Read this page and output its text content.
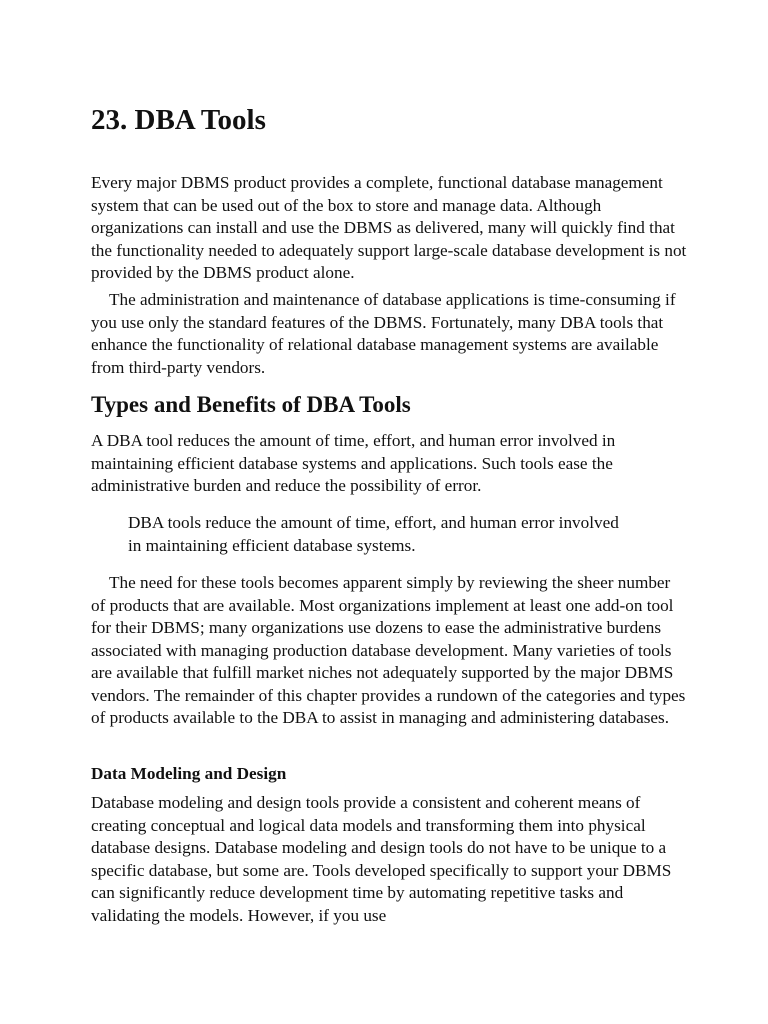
23. DBA Tools

Every major DBMS product provides a complete, functional database management system that can be used out of the box to store and manage data. Although organizations can install and use the DBMS as delivered, many will quickly find that the functionality needed to adequately support large-scale database development is not provided by the DBMS product alone.

The administration and maintenance of database applications is time-consuming if you use only the standard features of the DBMS. Fortunately, many DBA tools that enhance the functionality of relational database management systems are available from third-party vendors.

Types and Benefits of DBA Tools

A DBA tool reduces the amount of time, effort, and human error involved in maintaining efficient database systems and applications. Such tools ease the administrative burden and reduce the possibility of error.

DBA tools reduce the amount of time, effort, and human error involved in maintaining efficient database systems.

The need for these tools becomes apparent simply by reviewing the sheer number of products that are available. Most organizations implement at least one add-on tool for their DBMS; many organizations use dozens to ease the administrative burdens associated with managing production database development. Many varieties of tools are available that fulfill market niches not adequately supported by the major DBMS vendors. The remainder of this chapter provides a rundown of the categories and types of products available to the DBA to assist in managing and administering databases.

Data Modeling and Design

Database modeling and design tools provide a consistent and coherent means of creating conceptual and logical data models and transforming them into physical database designs. Database modeling and design tools do not have to be unique to a specific database, but some are. Tools developed specifically to support your DBMS can significantly reduce development time by automating repetitive tasks and validating the models. However, if you use
